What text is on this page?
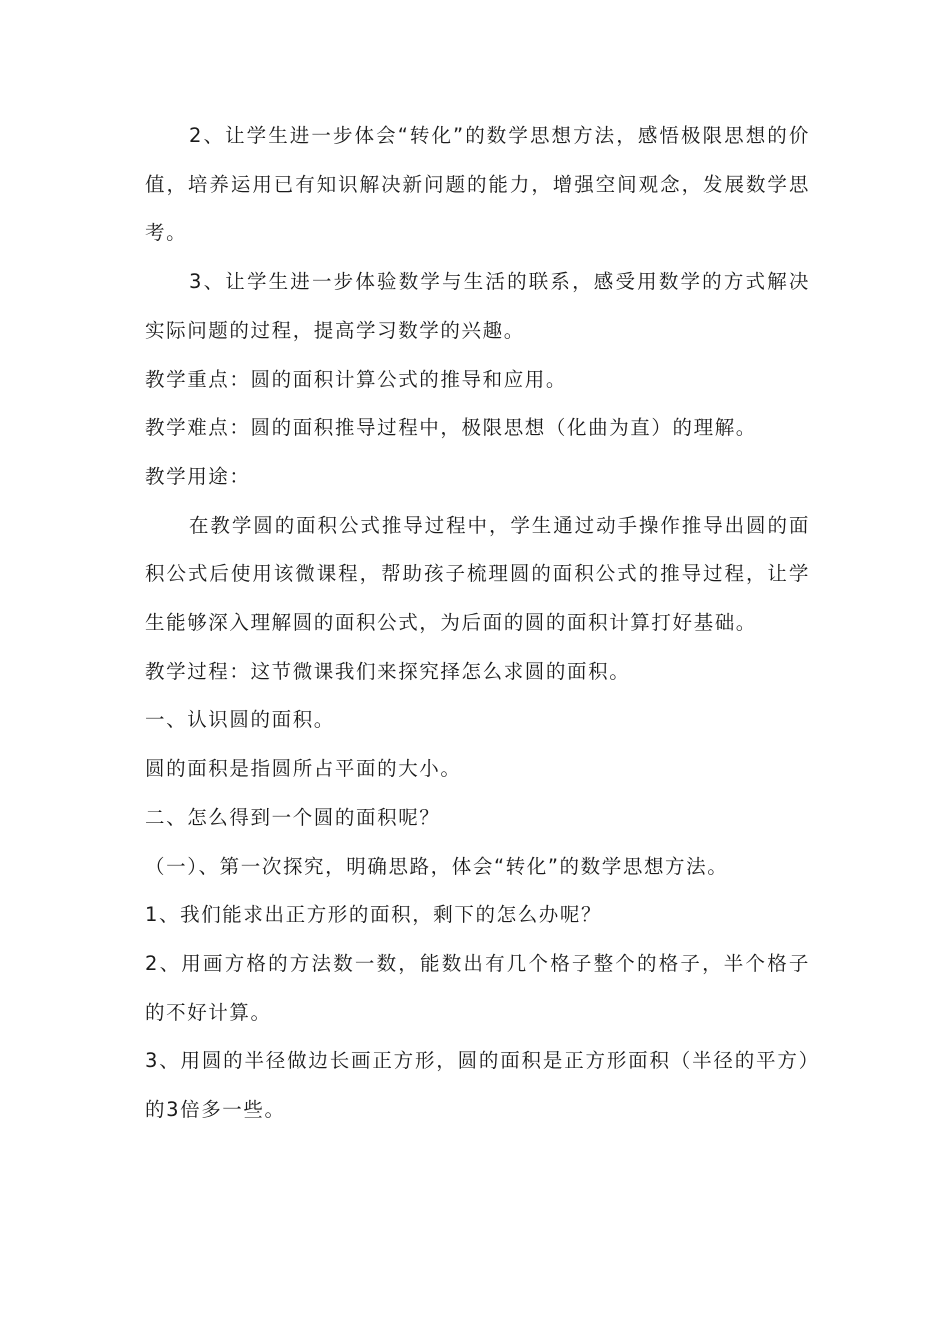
2、让学生进一步体会“转化”的数学思想方法，感悟极限思想的价值，培养运用已有知识解决新问题的能力，增强空间观念，发展数学思考。

3、让学生进一步体验数学与生活的联系，感受用数学的方式解决实际问题的过程，提高学习数学的兴趣。

教学重点：圆的面积计算公式的推导和应用。

教学难点：圆的面积推导过程中，极限思想（化曲为直）的理解。

教学用途：

在教学圆的面积公式推导过程中，学生通过动手操作推导出圆的面积公式后使用该微课程，帮助孩子梳理圆的面积公式的推导过程，让学生能够深入理解圆的面积公式，为后面的圆的面积计算打好基础。

教学过程：这节微课我们来探究择怎么求圆的面积。

一、认识圆的面积。

圆的面积是指圆所占平面的大小。

二、怎么得到一个圆的面积呢？

（一）、第一次探究，明确思路，体会“转化”的数学思想方法。

1、我们能求出正方形的面积，剩下的怎么办呢？

2、用画方格的方法数一数，能数出有几个格子整个的格子，半个格子的不好计算。

3、用圆的半径做边长画正方形，圆的面积是正方形面积（半径的平方）的3倍多一些。
